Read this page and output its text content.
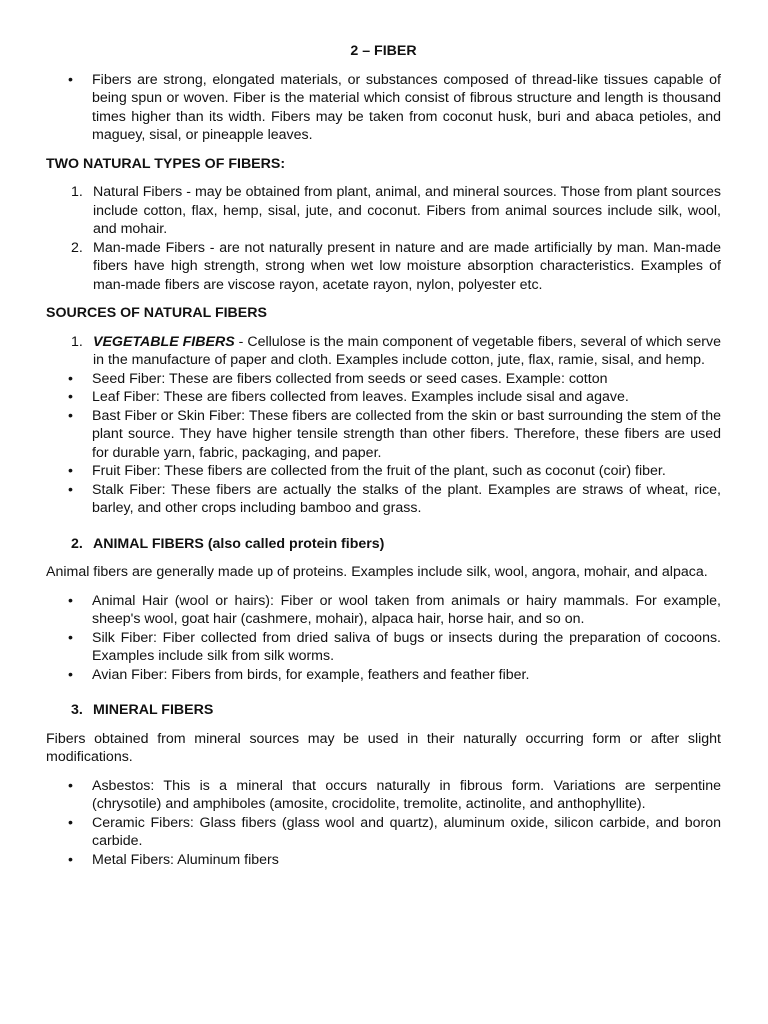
2 – FIBER
•	Fibers are strong, elongated materials, or substances composed of thread-like tissues capable of being spun or woven. Fiber is the material which consist of fibrous structure and length is thousand times higher than its width. Fibers may be taken from coconut husk, buri and abaca petioles, and maguey, sisal, or pineapple leaves.
TWO NATURAL TYPES OF FIBERS:
1. Natural Fibers - may be obtained from plant, animal, and mineral sources. Those from plant sources include cotton, flax, hemp, sisal, jute, and coconut. Fibers from animal sources include silk, wool, and mohair.
2. Man-made Fibers - are not naturally present in nature and are made artificially by man. Man-made fibers have high strength, strong when wet low moisture absorption characteristics. Examples of man-made fibers are viscose rayon, acetate rayon, nylon, polyester etc.
SOURCES OF NATURAL FIBERS
1. VEGETABLE FIBERS - Cellulose is the main component of vegetable fibers, several of which serve in the manufacture of paper and cloth. Examples include cotton, jute, flax, ramie, sisal, and hemp.
•	Seed Fiber: These are fibers collected from seeds or seed cases. Example: cotton
•	Leaf Fiber: These are fibers collected from leaves. Examples include sisal and agave.
•	Bast Fiber or Skin Fiber: These fibers are collected from the skin or bast surrounding the stem of the plant source. They have higher tensile strength than other fibers. Therefore, these fibers are used for durable yarn, fabric, packaging, and paper.
•	Fruit Fiber: These fibers are collected from the fruit of the plant, such as coconut (coir) fiber.
•	Stalk Fiber: These fibers are actually the stalks of the plant. Examples are straws of wheat, rice, barley, and other crops including bamboo and grass.
2. ANIMAL FIBERS (also called protein fibers)
Animal fibers are generally made up of proteins. Examples include silk, wool, angora, mohair, and alpaca.
•	Animal Hair (wool or hairs): Fiber or wool taken from animals or hairy mammals. For example, sheep's wool, goat hair (cashmere, mohair), alpaca hair, horse hair, and so on.
•	Silk Fiber: Fiber collected from dried saliva of bugs or insects during the preparation of cocoons. Examples include silk from silk worms.
•	Avian Fiber: Fibers from birds, for example, feathers and feather fiber.
3. MINERAL FIBERS
Fibers obtained from mineral sources may be used in their naturally occurring form or after slight modifications.
•	Asbestos: This is a mineral that occurs naturally in fibrous form. Variations are serpentine (chrysotile) and amphiboles (amosite, crocidolite, tremolite, actinolite, and anthophyllite).
•	Ceramic Fibers: Glass fibers (glass wool and quartz), aluminum oxide, silicon carbide, and boron carbide.
•	Metal Fibers: Aluminum fibers
